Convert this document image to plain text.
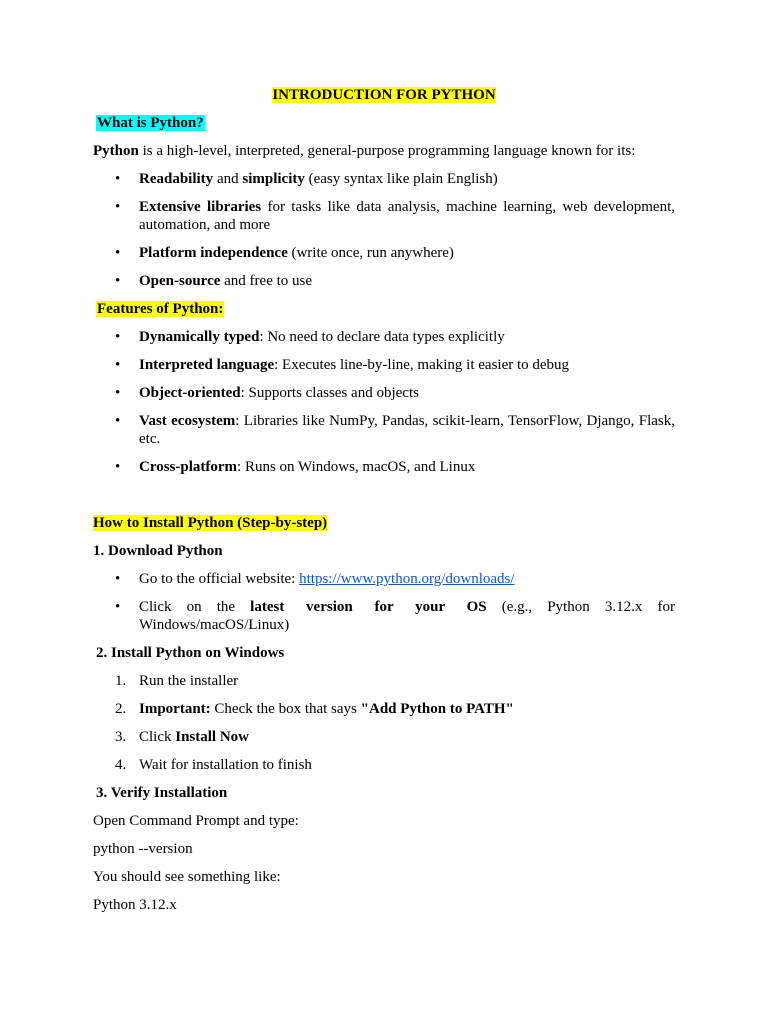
INTRODUCTION FOR PYTHON
What is Python?
Python is a high-level, interpreted, general-purpose programming language known for its:
•	Readability and simplicity (easy syntax like plain English)
•	Extensive libraries for tasks like data analysis, machine learning, web development, automation, and more
•	Platform independence (write once, run anywhere)
•	Open-source and free to use
Features of Python:
•	Dynamically typed: No need to declare data types explicitly
•	Interpreted language: Executes line-by-line, making it easier to debug
•	Object-oriented: Supports classes and objects
•	Vast ecosystem: Libraries like NumPy, Pandas, scikit-learn, TensorFlow, Django, Flask, etc.
•	Cross-platform: Runs on Windows, macOS, and Linux
How to Install Python (Step-by-step)
1. Download Python
•	Go to the official website: https://www.python.org/downloads/
•	Click on the latest version for your OS (e.g., Python 3.12.x for
Windows/macOS/Linux)
2. Install Python on Windows
1. Run the installer
2. Important: Check the box that says "Add Python to PATH"
3. Click Install Now
4. Wait for installation to finish
3. Verify Installation
Open Command Prompt and type:
python --version
You should see something like:
Python 3.12.x
